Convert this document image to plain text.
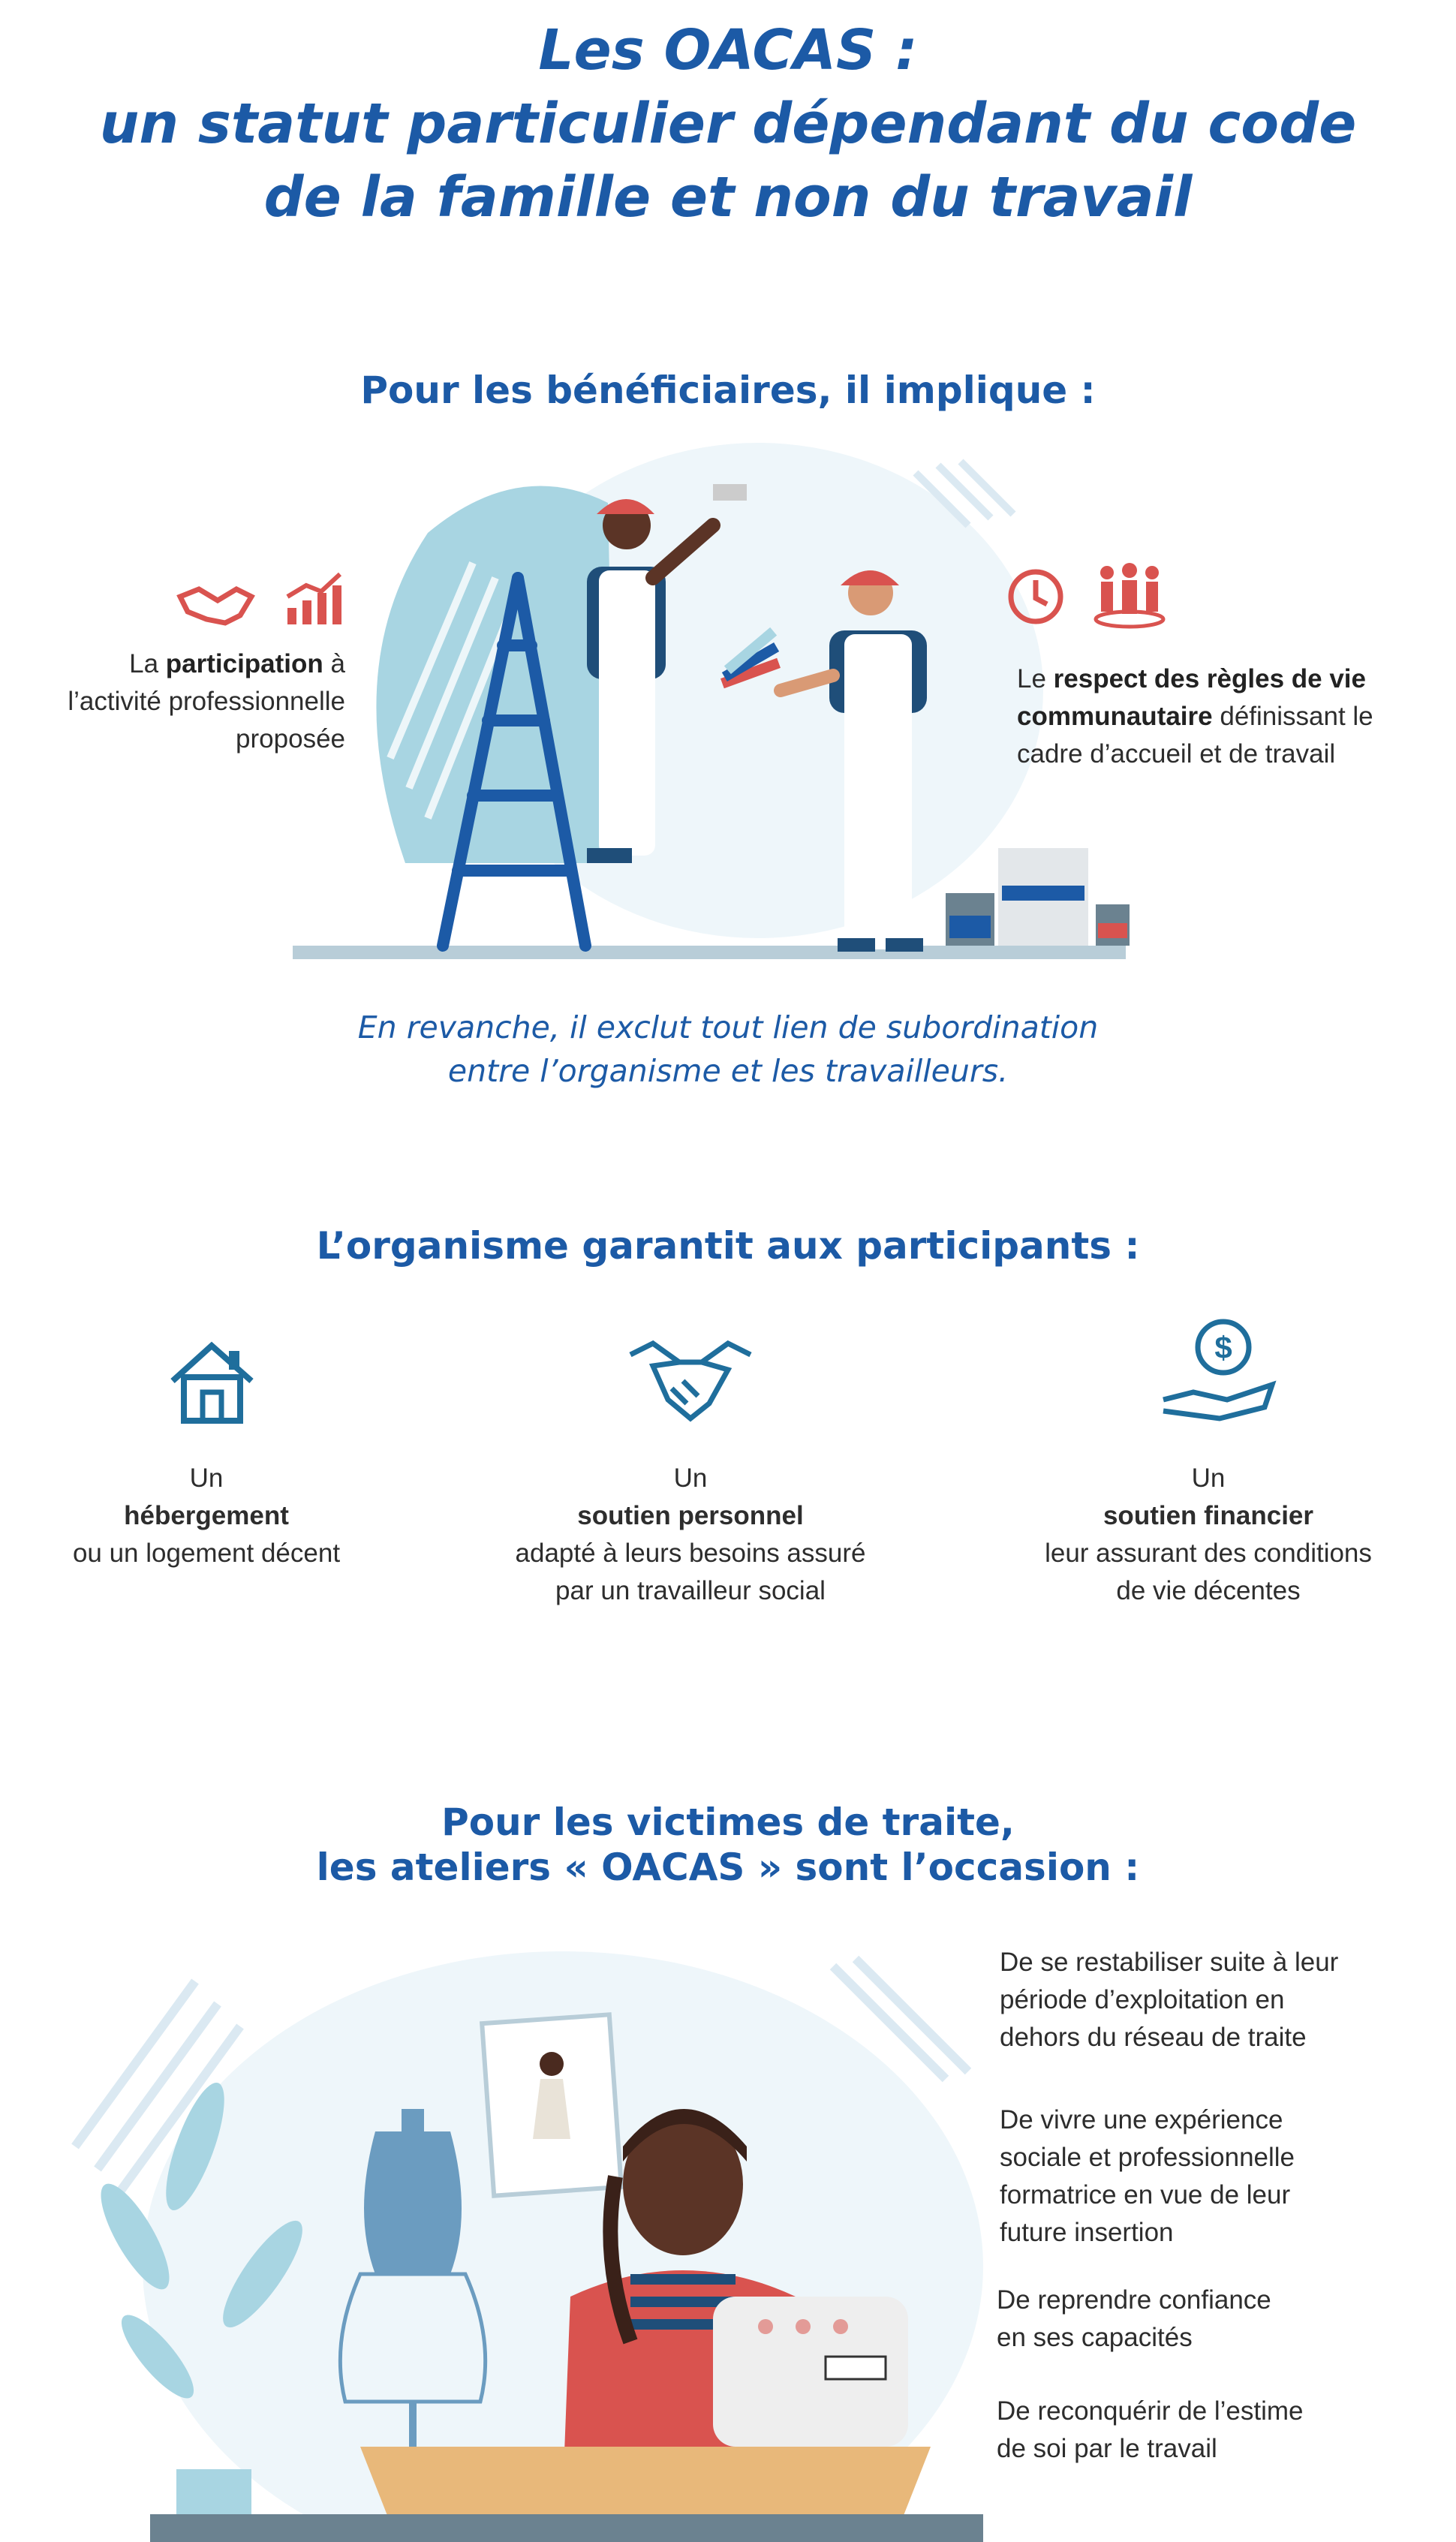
Les OACAS :
un statut particulier dépendant du code
de la famille et non du travail
Pour les bénéficiaires, il implique :
La participation à
l’activité professionnelle
proposée
Le respect des règles de vie
communautaire définissant le
cadre d’accueil et de travail

En revanche, il exclut tout lien de subordination
entre l’organisme et les travailleurs.

L’organisme garantit aux participants :
$
Un
hébergement
ou un logement décent
Un
soutien personnel
adapté à leurs besoins assuré
par un travailleur social
Un
soutien financier
leur assurant des conditions
de vie décentes
Pour les victimes de traite,
les ateliers « OACAS » sont l’occasion :
De se restabiliser suite à leur
période d’exploitation en
dehors du réseau de traite
De vivre une expérience
sociale et professionnelle
formatrice en vue de leur
future insertion
De reprendre confiance
en ses capacités
De reconquérir de l’estime
de soi par le travail
